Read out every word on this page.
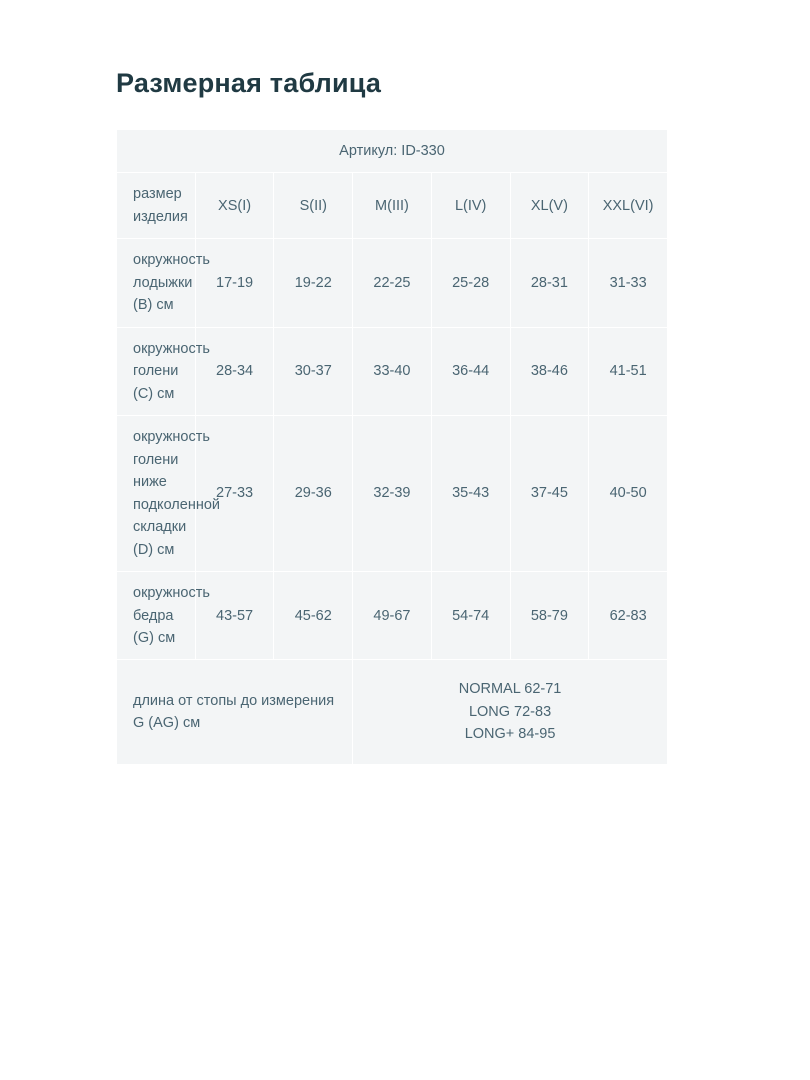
Размерная таблица
Артикул: ID-330						
размер изделия	XS(I)	S(II)	M(III)	L(IV)	XL(V)	XXL(VI)
окружность лодыжки (B) см	17-19	19-22	22-25	25-28	28-31	31-33
окружность голени (C) см	28-34	30-37	33-40	36-44	38-46	41-51
окружность голени ниже подколенной складки (D) см	27-33	29-36	32-39	35-43	37-45	40-50
окружность бедра (G) см	43-57	45-62	49-67	54-74	58-79	62-83
длина от стопы до измерения G (AG) см			NORMAL 62-71
LONG 72-83
LONG+ 84-95			
